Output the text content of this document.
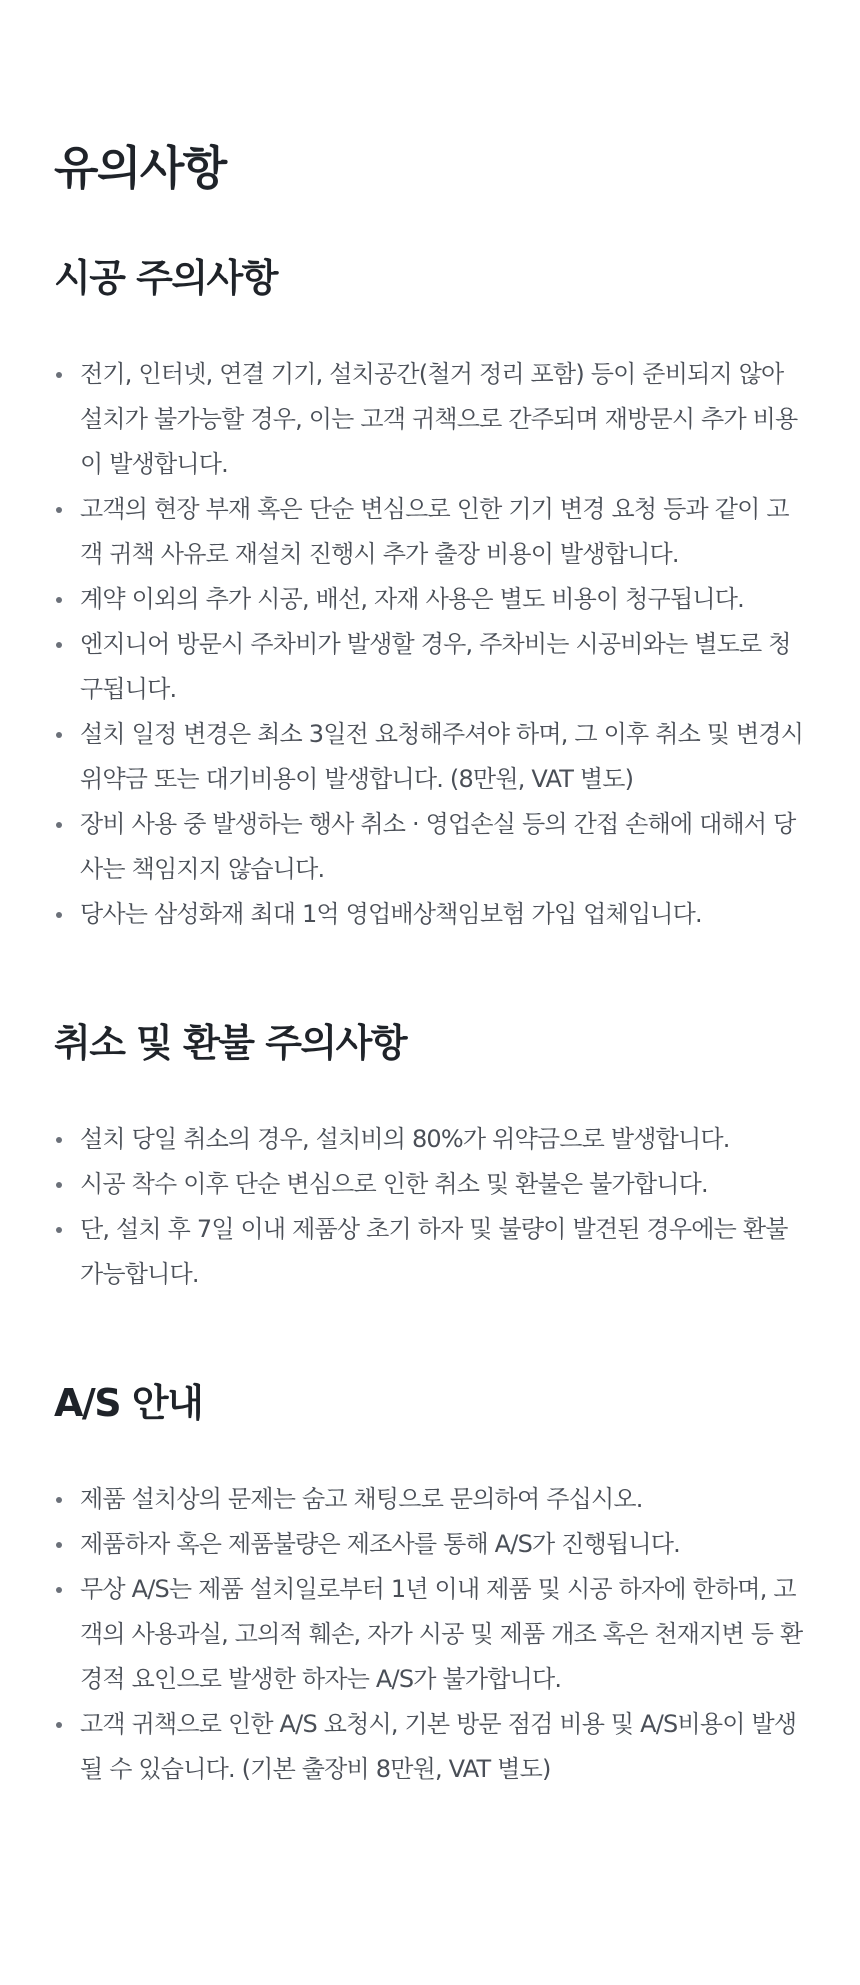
유의사항
시공 주의사항
전기, 인터넷, 연결 기기, 설치공간(철거 정리 포함) 등이 준비되지 않아 설치가 불가능할 경우, 이는 고객 귀책으로 간주되며 재방문시 추가 비용이 발생합니다.
고객의 현장 부재 혹은 단순 변심으로 인한 기기 변경 요청 등과 같이 고객 귀책 사유로 재설치 진행시 추가 출장 비용이 발생합니다.
계약 이외의 추가 시공, 배선, 자재 사용은 별도 비용이 청구됩니다.
엔지니어 방문시 주차비가 발생할 경우, 주차비는 시공비와는 별도로 청구됩니다.
설치 일정 변경은 최소 3일전 요청해주셔야 하며, 그 이후 취소 및 변경시 위약금 또는 대기비용이 발생합니다. (8만원, VAT 별도)
장비 사용 중 발생하는 행사 취소 · 영업손실 등의 간접 손해에 대해서 당사는 책임지지 않습니다.
당사는 삼성화재 최대 1억 영업배상책임보험 가입 업체입니다.
취소 및 환불 주의사항
설치 당일 취소의 경우, 설치비의 80%가 위약금으로 발생합니다.
시공 착수 이후 단순 변심으로 인한 취소 및 환불은 불가합니다.
단, 설치 후 7일 이내 제품상 초기 하자 및 불량이 발견된 경우에는 환불 가능합니다.
A/S 안내
제품 설치상의 문제는 숨고 채팅으로 문의하여 주십시오.
제품하자 혹은 제품불량은 제조사를 통해 A/S가 진행됩니다.
무상 A/S는 제품 설치일로부터 1년 이내 제품 및 시공 하자에 한하며, 고객의 사용과실, 고의적 훼손, 자가 시공 및 제품 개조 혹은 천재지변 등 환경적 요인으로 발생한 하자는 A/S가 불가합니다.
고객 귀책으로 인한 A/S 요청시, 기본 방문 점검 비용 및 A/S비용이 발생될 수 있습니다. (기본 출장비 8만원, VAT 별도)
